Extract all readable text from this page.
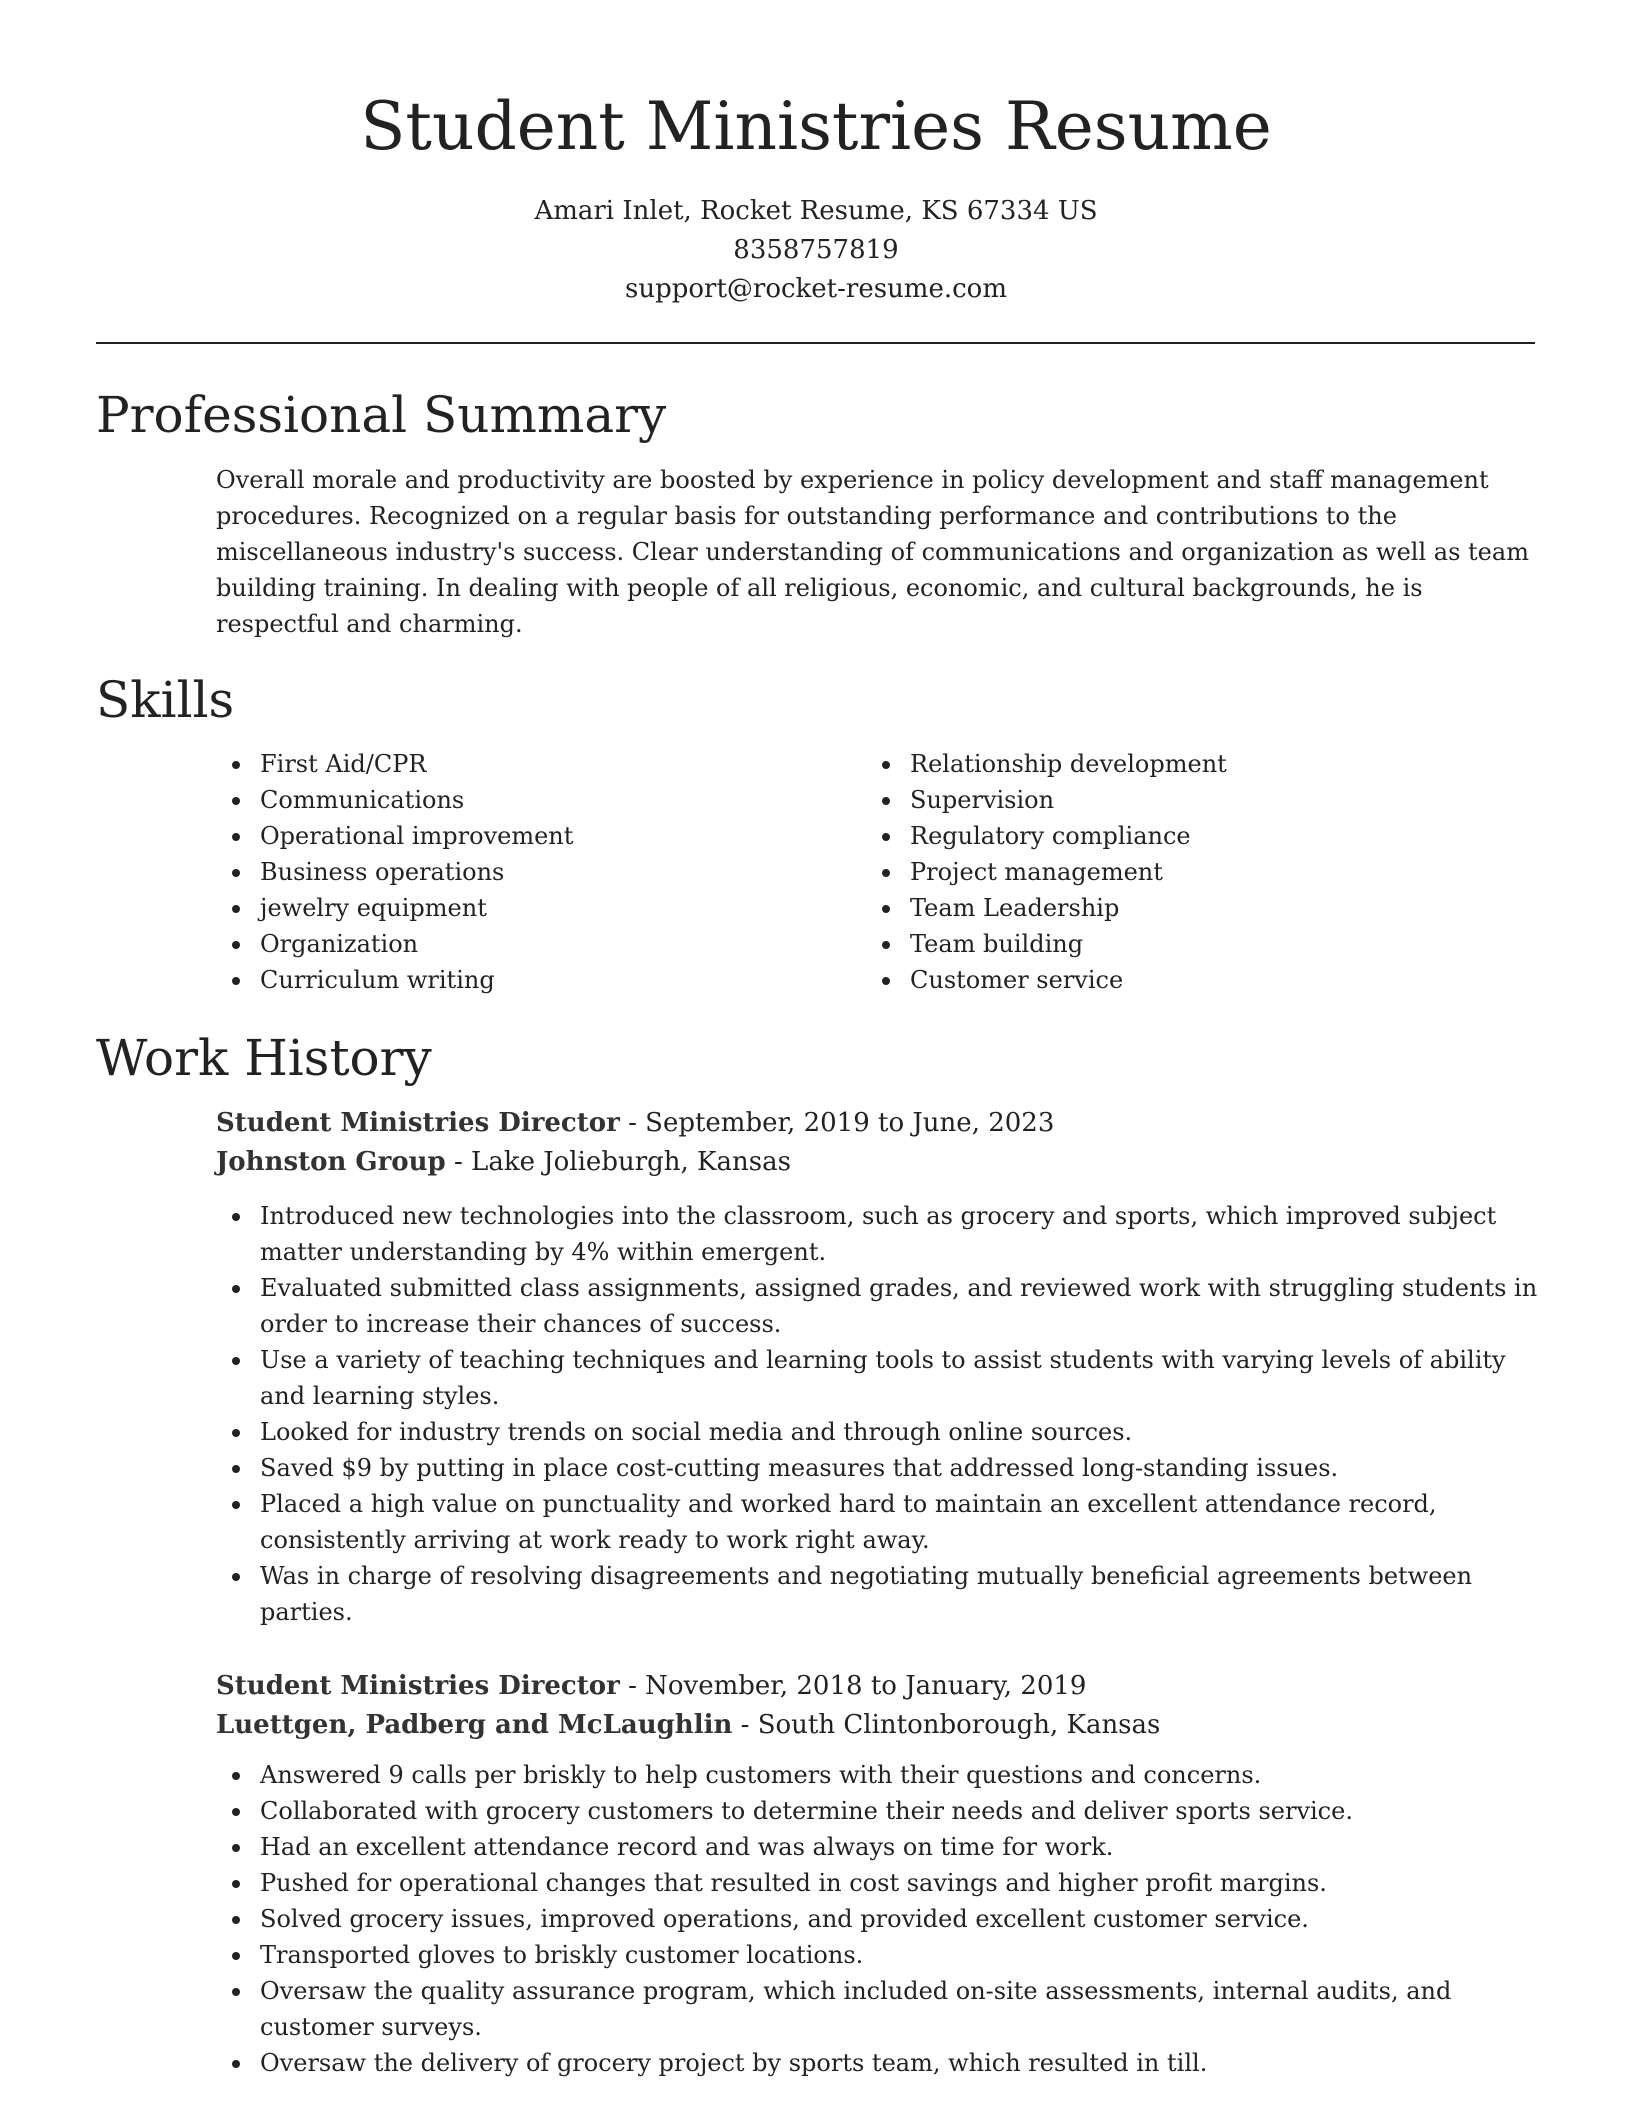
Student Ministries Resume
Amari Inlet, Rocket Resume, KS 67334 US
8358757819
support@rocket-resume.com
Professional Summary

Overall morale and productivity are boosted by experience in policy development and staff management procedures. Recognized on a regular basis for outstanding performance and contributions to the miscellaneous industry's success. Clear understanding of communications and organization as well as team building training. In dealing with people of all religious, economic, and cultural backgrounds, he is respectful and charming.

Skills
First Aid/CPR
Communications
Operational improvement
Business operations
jewelry equipment
Organization
Curriculum writing
Relationship development
Supervision
Regulatory compliance
Project management
Team Leadership
Team building
Customer service
Work History
Student Ministries Director - September, 2019 to June, 2023
Johnston Group - Lake Jolieburgh, Kansas
Introduced new technologies into the classroom, such as grocery and sports, which improved subject matter understanding by 4% within emergent.
Evaluated submitted class assignments, assigned grades, and reviewed work with struggling students in order to increase their chances of success.
Use a variety of teaching techniques and learning tools to assist students with varying levels of ability and learning styles.
Looked for industry trends on social media and through online sources.
Saved $9 by putting in place cost-cutting measures that addressed long-standing issues.
Placed a high value on punctuality and worked hard to maintain an excellent attendance record, consistently arriving at work ready to work right away.
Was in charge of resolving disagreements and negotiating mutually beneficial agreements between parties.
Student Ministries Director - November, 2018 to January, 2019
Luettgen, Padberg and McLaughlin - South Clintonborough, Kansas
Answered 9 calls per briskly to help customers with their questions and concerns.
Collaborated with grocery customers to determine their needs and deliver sports service.
Had an excellent attendance record and was always on time for work.
Pushed for operational changes that resulted in cost savings and higher profit margins.
Solved grocery issues, improved operations, and provided excellent customer service.
Transported gloves to briskly customer locations.
Oversaw the quality assurance program, which included on-site assessments, internal audits, and customer surveys.
Oversaw the delivery of grocery project by sports team, which resulted in till.
